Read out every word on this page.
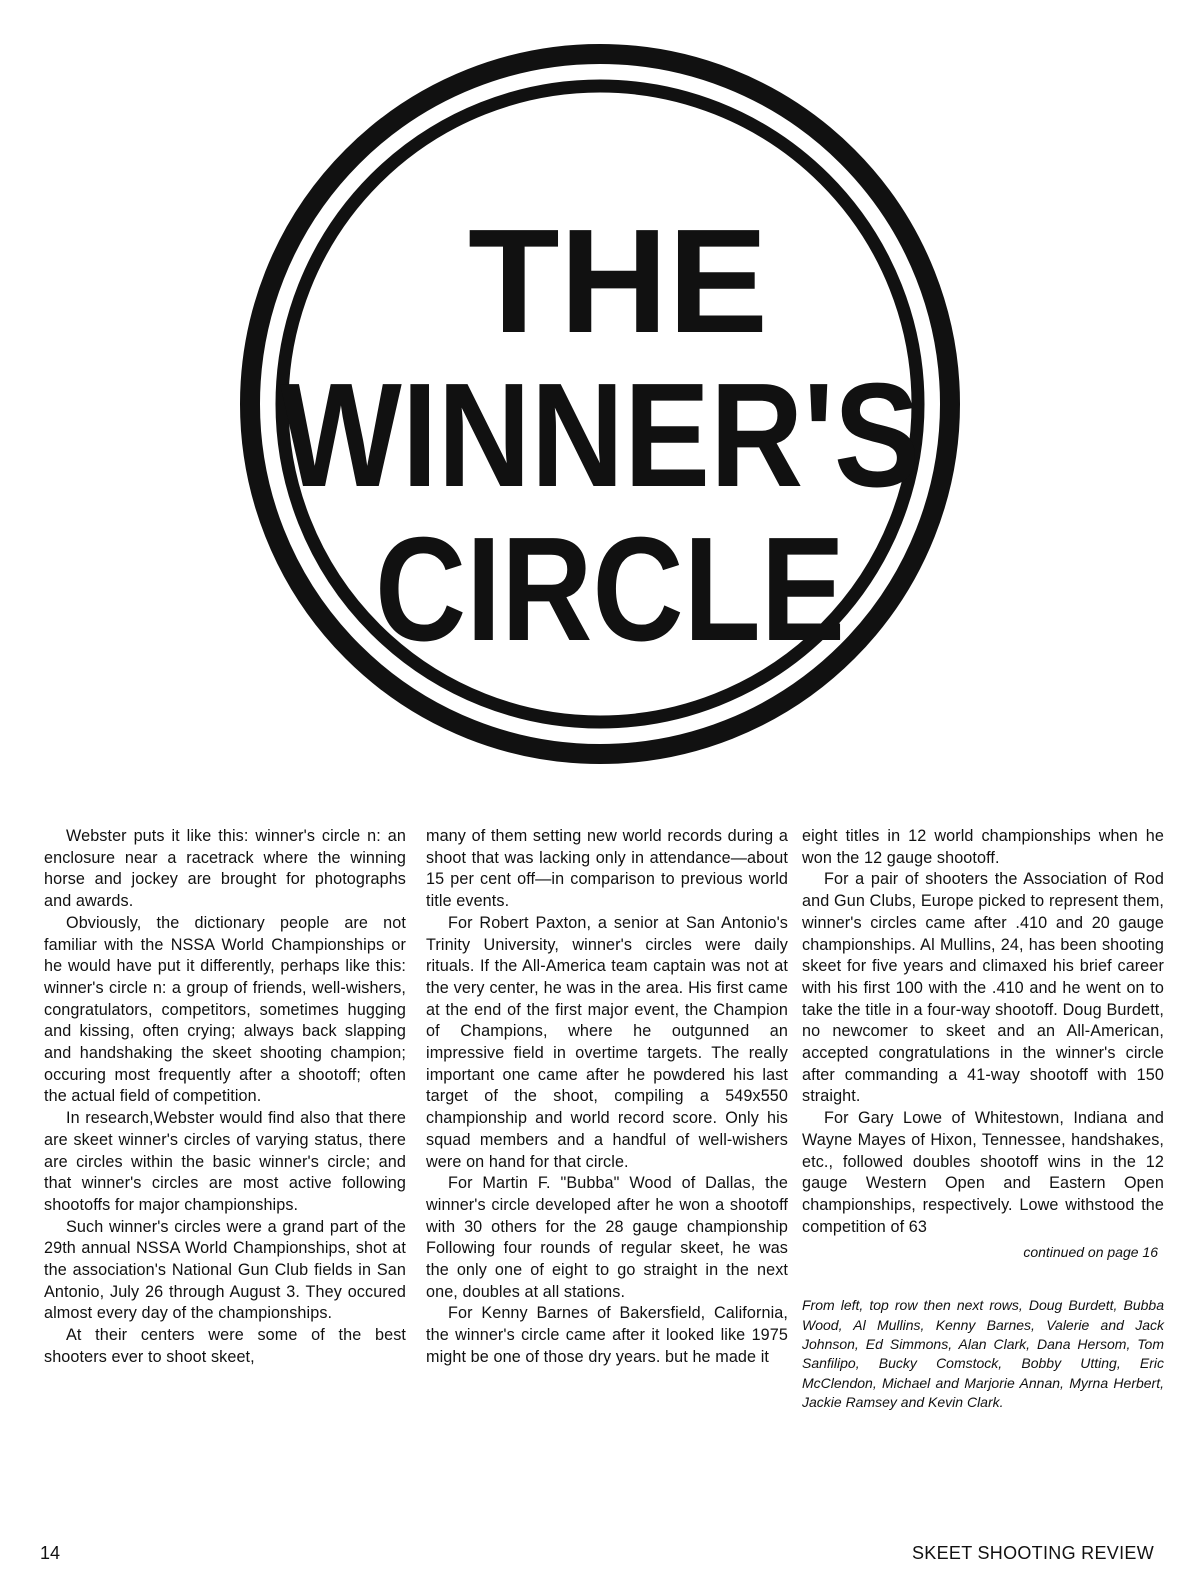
THE
WINNER'S
CIRCLE

Webster puts it like this: winner's circle n: an enclosure near a racetrack where the winning horse and jockey are brought for photographs and awards.

Obviously, the dictionary people are not familiar with the NSSA World Championships or he would have put it differently, perhaps like this: winner's circle n: a group of friends, well-wishers, congratulators, competitors, sometimes hugging and kissing, often crying; always back slapping and handshaking the skeet shooting champion; occuring most frequently after a shootoff; often the actual field of competition.

In research,Webster would find also that there are skeet winner's circles of varying status, there are circles within the basic winner's circle; and that winner's circles are most active following shootoffs for major championships.

Such winner's circles were a grand part of the 29th annual NSSA World Championships, shot at the association's National Gun Club fields in San Antonio, July 26 through August 3. They occured almost every day of the championships.

At their centers were some of the best shooters ever to shoot skeet,

many of them setting new world records during a shoot that was lacking only in attendance—about 15 per cent off—in comparison to previous world title events.

For Robert Paxton, a senior at San Antonio's Trinity University, winner's circles were daily rituals. If the All-America team captain was not at the very center, he was in the area. His first came at the end of the first major event, the Champion of Champions, where he outgunned an impressive field in overtime targets. The really important one came after he powdered his last target of the shoot, compiling a 549x550 championship and world record score. Only his squad members and a handful of well-wishers were on hand for that circle.

For Martin F. "Bubba" Wood of Dallas, the winner's circle developed after he won a shootoff with 30 others for the 28 gauge championship Following four rounds of regular skeet, he was the only one of eight to go straight in the next one, doubles at all stations.

For Kenny Barnes of Bakersfield, California, the winner's circle came after it looked like 1975 might be one of those dry years. but he made it

eight titles in 12 world championships when he won the 12 gauge shootoff.

For a pair of shooters the Association of Rod and Gun Clubs, Europe picked to represent them, winner's circles came after .410 and 20 gauge championships. Al Mullins, 24, has been shooting skeet for five years and climaxed his brief career with his first 100 with the .410 and he went on to take the title in a four-way shootoff. Doug Burdett, no newcomer to skeet and an All-American, accepted congratulations in the winner's circle after commanding a 41-way shootoff with 150 straight.

For Gary Lowe of Whitestown, Indiana and Wayne Mayes of Hixon, Tennessee, handshakes, etc., followed doubles shootoff wins in the 12 gauge Western Open and Eastern Open championships, respectively. Lowe withstood the competition of 63

continued on page 16
From left, top row then next rows, Doug Burdett, Bubba Wood, Al Mullins, Kenny Barnes, Valerie and Jack Johnson, Ed Simmons, Alan Clark, Dana Hersom, Tom Sanfilipo, Bucky Comstock, Bobby Utting, Eric McClendon, Michael and Marjorie Annan, Myrna Herbert, Jackie Ramsey and Kevin Clark.
14	SKEET SHOOTING REVIEW
